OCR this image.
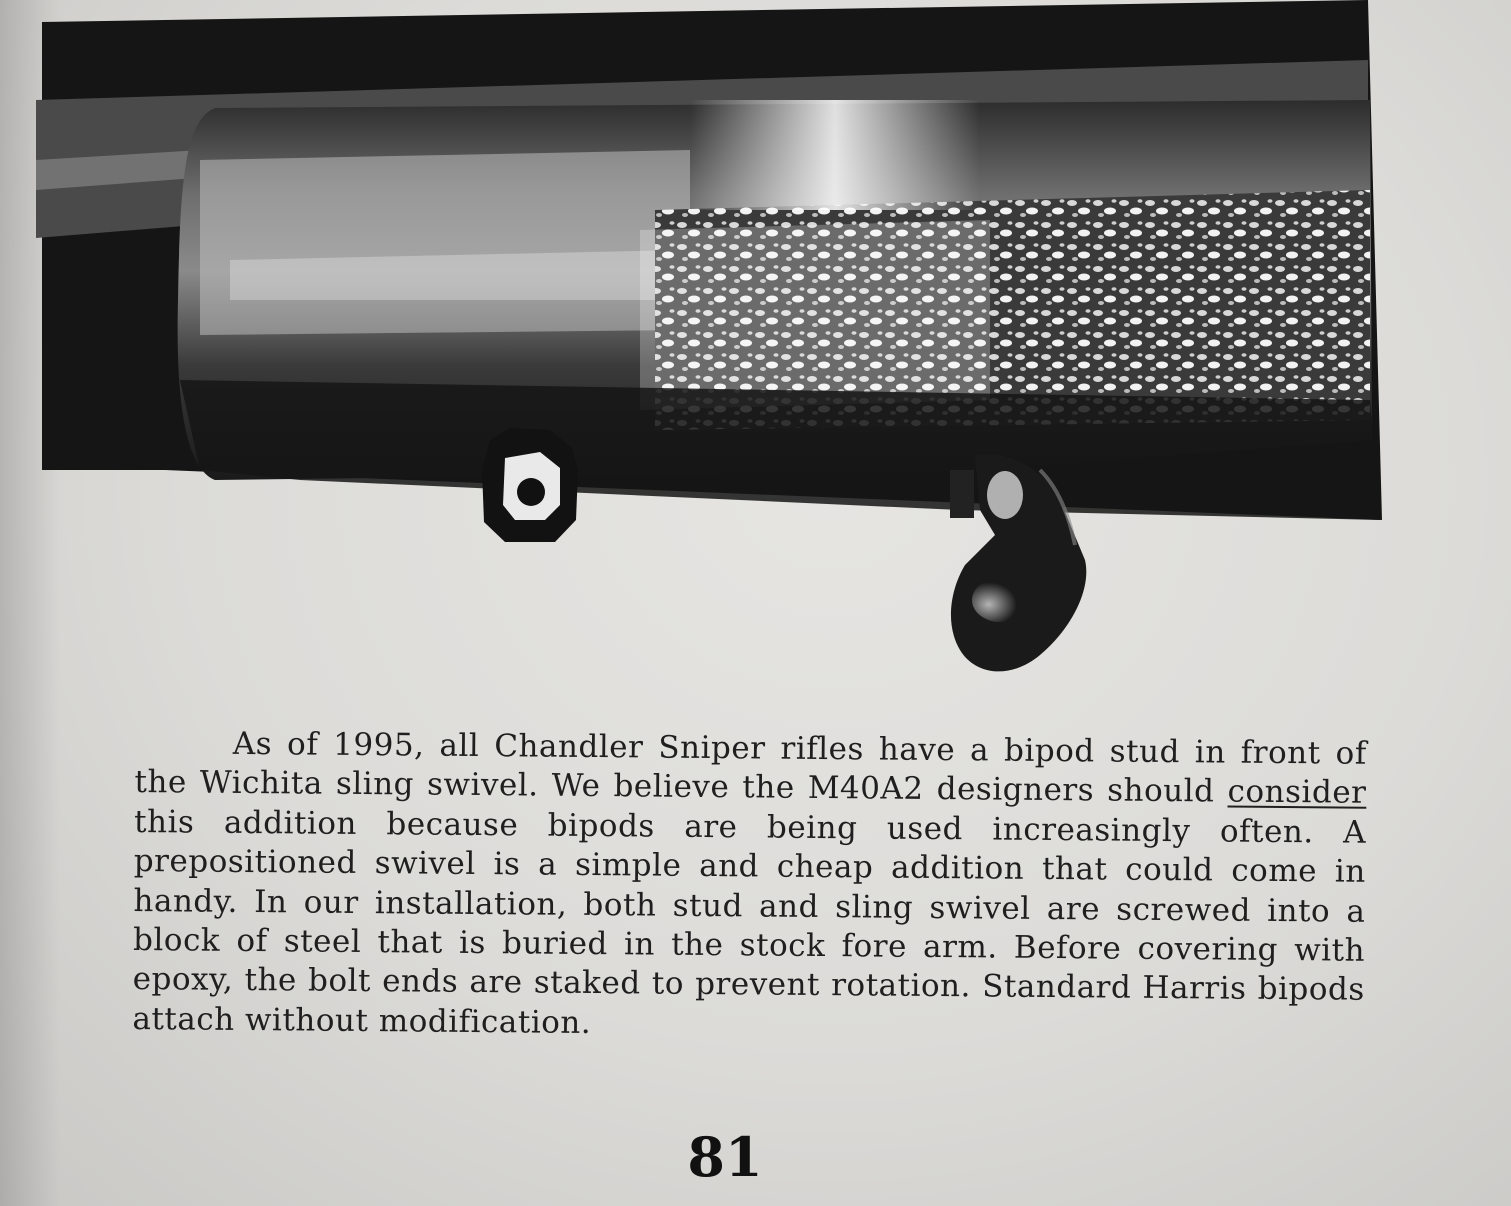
As of 1995, all Chandler Sniper rifles have a bipod stud in front of the Wichita sling swivel. We believe the M40A2 designers should consider this addition because bipods are being used increasingly often. A prepositioned swivel is a simple and cheap addition that could come in handy. In our installation, both stud and sling swivel are screwed into a block of steel that is buried in the stock fore arm. Before covering with epoxy, the bolt ends are staked to prevent rotation. Standard Harris bipods attach without modification.

81
